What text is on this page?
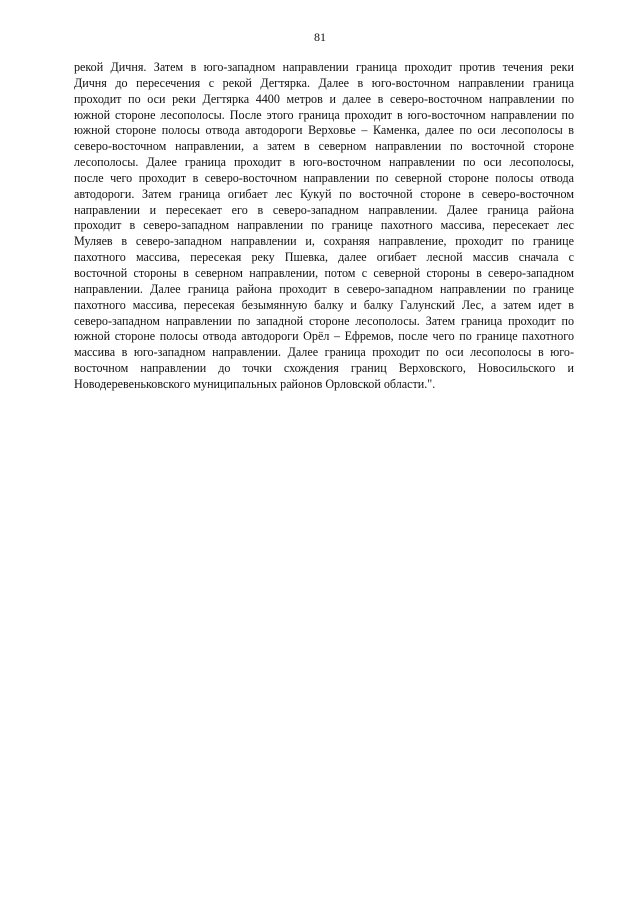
81
рекой Дичня. Затем в юго-западном направлении граница проходит против течения реки
Дичня до пересечения с рекой Дегтярка. Далее в юго-восточном направлении граница
проходит по оси реки Дегтярка 4400 метров и далее в северо-восточном направлении по
южной стороне лесополосы. После этого граница проходит в юго-восточном направлении по
южной стороне полосы отвода автодороги Верховье – Каменка, далее по оси лесополосы в
северо-восточном направлении, а затем в северном направлении по восточной стороне
лесополосы. Далее граница проходит в юго-восточном направлении по оси лесополосы,
после чего проходит в северо-восточном направлении по северной стороне полосы отвода
автодороги. Затем граница огибает лес Кукуй по восточной стороне в северо-восточном
направлении и пересекает его в северо-западном направлении. Далее граница района
проходит в северо-западном направлении по границе пахотного массива, пересекает лес
Муляев в северо-западном направлении и, сохраняя направление, проходит по границе
пахотного массива, пересекая реку Пшевка, далее огибает лесной массив сначала с
восточной стороны в северном направлении, потом с северной стороны в северо-западном
направлении. Далее граница района проходит в северо-западном направлении по границе
пахотного массива, пересекая безымянную балку и балку Галунский Лес, а затем идет в
северо-западном направлении по западной стороне лесополосы. Затем граница проходит по
южной стороне полосы отвода автодороги Орёл – Ефремов, после чего по границе пахотного
массива в юго-западном направлении. Далее граница проходит по оси лесополосы в юго-
восточном направлении до точки схождения границ Верховского, Новосильского и
Новодеревеньковского муниципальных районов Орловской области.".
